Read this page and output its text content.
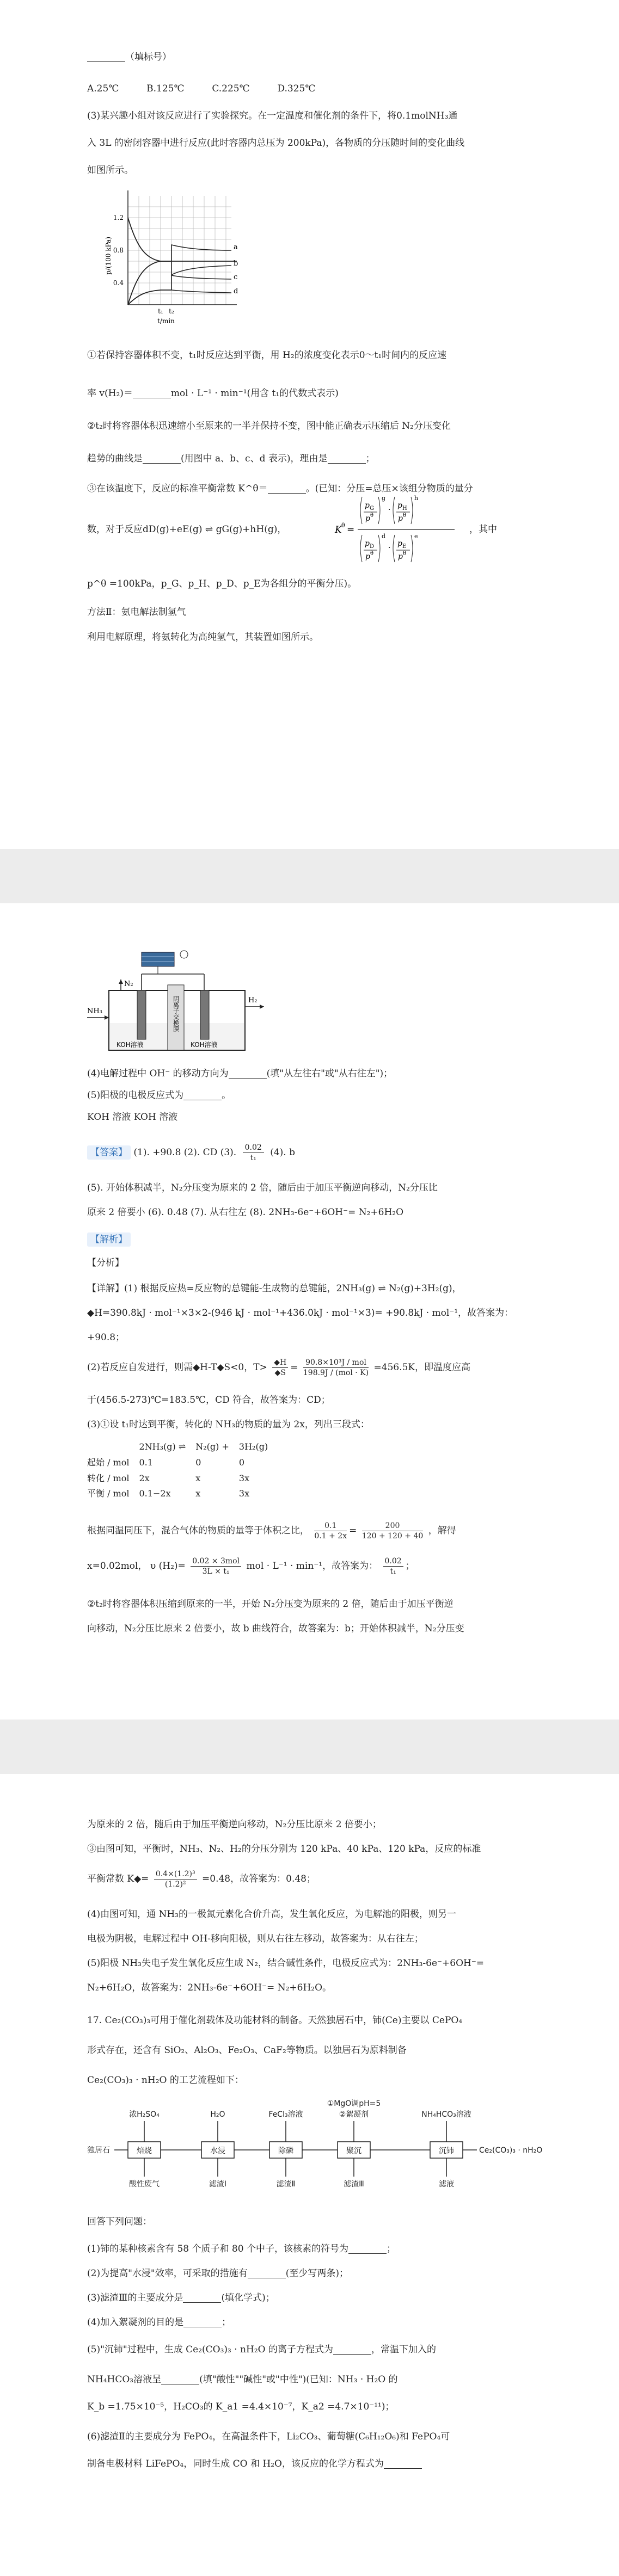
（填标号）
A.25℃	B.125℃	C.225℃	D.325℃
(3)某兴趣小组对该反应进行了实验探究。在一定温度和催化剂的条件下，将0.1molNH₃通
入 3L 的密闭容器中进行反应(此时容器内总压为 200kPa)，各物质的分压随时间的变化曲线
如图所示。
a
b
c
d
1.2
0.8
0.4
p/(100 kPa)
t₁ t₂
t/min
①若保持容器体积不变，t₁时反应达到平衡，用 H₂的浓度变化表示0～t₁时间内的反应速
率 v(H₂)＝	mol · L⁻¹ · min⁻¹(用含 t₁的代数式表示)
②t₂时将容器体积迅速缩小至原来的一半并保持不变，图中能正确表示压缩后 N₂分压变化
趋势的曲线是	(用图中 a、b、c、d 表示)，理由是	；
③在该温度下，反应的标准平衡常数 K^θ＝	。(已知：分压=总压×该组分物质的量分
数，对于反应dD(g)+eE(g) ⇌ gG(g)+hH(g)，	K θ =
p G
p θ
g
· p H
p θ
h
p D
p θ
d
· p E
p θ
e
，其中
p^θ =100kPa，p_G、p_H、p_D、p_E为各组分的平衡分压)。
方法Ⅱ：氨电解法制氢气
利用电解原理，将氨转化为高纯氢气，其装置如图所示。
阴离子交换膜
KOH溶液	KOH溶液
NH₃
N₂
H₂
(4)电解过程中 OH⁻ 的移动方向为	(填"从左往右"或"从右往左")；
(5)阳极的电极反应式为	。
KOH 溶液 KOH 溶液
【答案】 (1). +90.8 (2). CD (3). $\frac{0.02}{\text{t₁}} (4)$. b
(5). 开始体积减半，N₂分压变为原来的 2 倍，随后由于加压平衡逆向移动，N₂分压比
原来 2 倍要小 (6). 0.48 (7). 从右往左 (8). 2NH₃-6e⁻+6OH⁻= N₂+6H₂O
【解析】
【分析】
【详解】(1) 根据反应热=反应物的总键能-生成物的总键能，2NH₃(g) ⇌ N₂(g)+3H₂(g)，
◆H=390.8kJ · mol⁻¹×3×2-(946 kJ · mol⁻¹+436.0kJ · mol⁻¹×3)= +90.8kJ · mol⁻¹，故答案为：
+90.8；
(2)若反应自发进行，则需◆H-T◆S<0，$T> \frac{◆H}{◆S} = 90.8\times 10^3J$ / mol
198.9J / (mol · K) =456.5K，即温度应高
于(456.5-273)℃=183.5℃，CD 符合，故答案为：CD；
(3)①设 t₁时达到平衡，转化的 NH₃的物质的量为 2x，列出三段式：
	2NH₃(g) ⇌	N₂(g) +	3H₂(g)
起始 / mol	0.1	0	0
转化 / mol	2x	x	3x
平衡 / mol	0.1−2x	x	3x
根据同温同压下，混合气体的物质的量等于体积之比， $\frac{0.1}{0.1 + 2x} = \frac{200}{120 + 120 + 40}$ ，解得
x=0.02mol， υ (H₂)= 0.02 × 3mol
3L × t₁	mol · L⁻¹ · min⁻¹，故答案为： $\frac{0.02}{\text{t₁}}$ ；
②t₂时将容器体积压缩到原来的一半，开始 N₂分压变为原来的 2 倍，随后由于加压平衡逆
向移动，N₂分压比原来 2 倍要小，故 b 曲线符合，故答案为：b；开始体积减半，N₂分压变
为原来的 2 倍，随后由于加压平衡逆向移动，N₂分压比原来 2 倍要小；
③由图可知，平衡时，NH₃、N₂、H₂的分压分别为 120 kPa、40 kPa、120 kPa，反应的标准
平衡常数 K◆= $\frac{\text{0.4×(1.2)³}}{\text{(1.2)²}} =0.48$，故答案为：0.48；
(4)由图可知，通 NH₃的一极氮元素化合价升高，发生氧化反应，为电解池的阳极，则另一
电极为阴极，电解过程中 OH-移向阳极，则从右往左移动，故答案为：从右往左；
(5)阳极 NH₃失电子发生氧化反应生成 N₂，结合碱性条件，电极反应式为：2NH₃-6e⁻+6OH⁻=
N₂+6H₂O，故答案为：2NH₃-6e⁻+6OH⁻= N₂+6H₂O。
17. Ce₂(CO₃)₃可用于催化剂载体及功能材料的制备。天然独居石中，铈(Ce)主要以 CePO₄
形式存在，还含有 SiO₂、Al₂O₃、Fe₂O₃、CaF₂等物质。以独居石为原料制备
Ce₂(CO₃)₃ · nH₂O 的工艺流程如下：
独居石
浓H₂SO₄	H₂O	FeCl₃溶液
①MgO调pH=5
②絮凝剂	NH₄HCO₃溶液
焙烧	水浸	除磷	聚沉	沉铈	Ce₂(CO₃)₃ · nH₂O
酸性废气	滤渣Ⅰ	滤渣Ⅱ	滤渣Ⅲ	滤液
回答下列问题：
(1)铈的某种核素含有 58 个质子和 80 个中子，该核素的符号为	；
(2)为提高"水浸"效率，可采取的措施有	(至少写两条)；
(3)滤渣Ⅲ的主要成分是	(填化学式)；
(4)加入絮凝剂的目的是	；
(5)"沉铈"过程中，生成 Ce₂(CO₃)₃ · nH₂O 的离子方程式为	，常温下加入的
NH₄HCO₃溶液呈	(填"酸性""碱性"或"中性")(已知：NH₃ · H₂O 的
K_b =1.75×10⁻⁵，H₂CO₃的 K_a1 =4.4×10⁻⁷，K_a2 =4.7×10⁻¹¹)；
(6)滤渣Ⅱ的主要成分为 FePO₄，在高温条件下，Li₂CO₃、葡萄糖(C₆H₁₂O₆)和 FePO₄可
制备电极材料 LiFePO₄，同时生成 CO 和 H₂O，该反应的化学方程式为
